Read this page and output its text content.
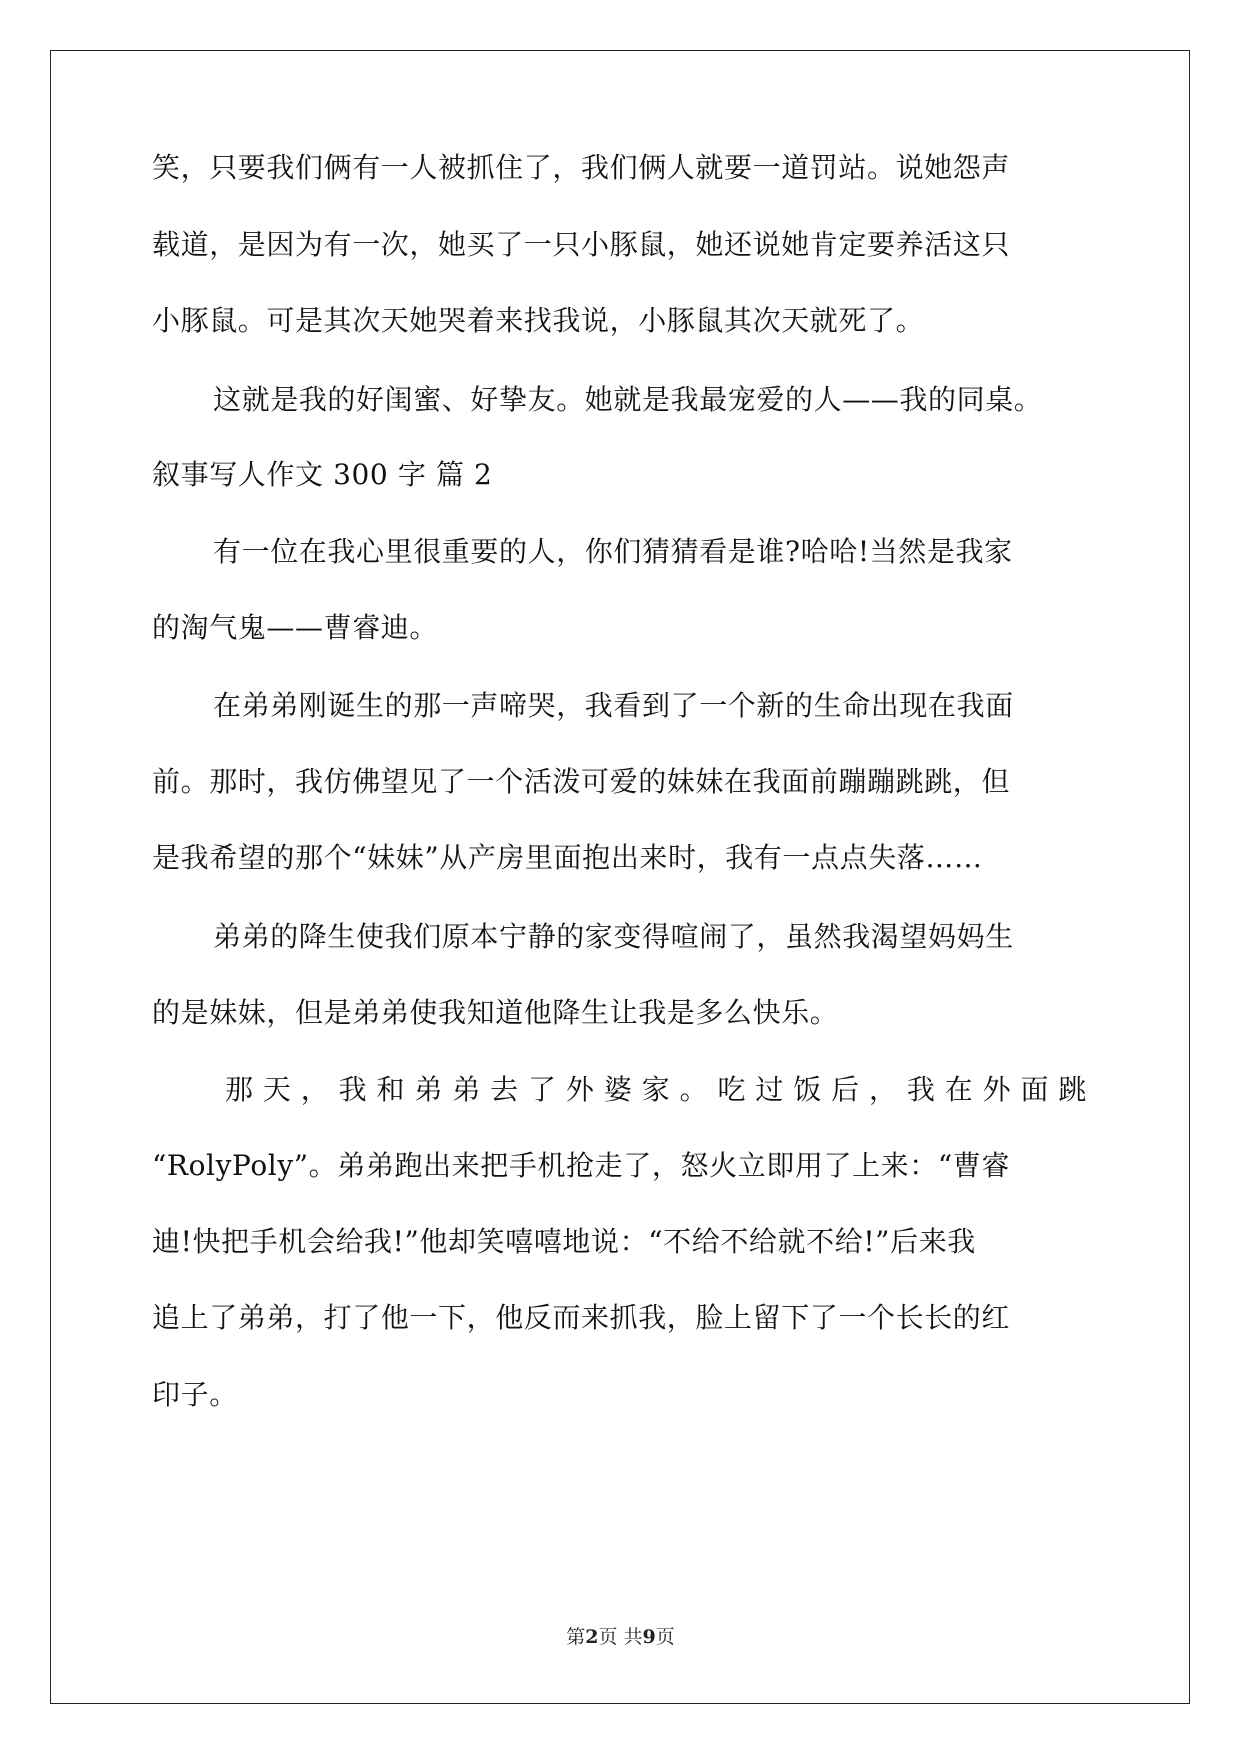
笑，只要我们俩有一人被抓住了，我们俩人就要一道罚站。说她怨声
载道，是因为有一次，她买了一只小豚鼠，她还说她肯定要养活这只
小豚鼠。可是其次天她哭着来找我说，小豚鼠其次天就死了。
这就是我的好闺蜜、好挚友。她就是我最宠爱的人——我的同桌。
叙事写人作文 300 字 篇 2
有一位在我心里很重要的人，你们猜猜看是谁?哈哈!当然是我家
的淘气鬼——曹睿迪。
在弟弟刚诞生的那一声啼哭，我看到了一个新的生命出现在我面
前。那时，我仿佛望见了一个活泼可爱的妹妹在我面前蹦蹦跳跳，但
是我希望的那个“妹妹”从产房里面抱出来时，我有一点点失落……
弟弟的降生使我们原本宁静的家变得喧闹了，虽然我渴望妈妈生
的是妹妹，但是弟弟使我知道他降生让我是多么快乐。
那天，我和弟弟去了外婆家。吃过饭后，我在外面跳
“RolyPoly”。弟弟跑出来把手机抢走了，怒火立即用了上来：“曹睿
迪!快把手机会给我!”他却笑嘻嘻地说：“不给不给就不给!”后来我
追上了弟弟，打了他一下，他反而来抓我，脸上留下了一个长长的红
印子。
第2页 共9页
